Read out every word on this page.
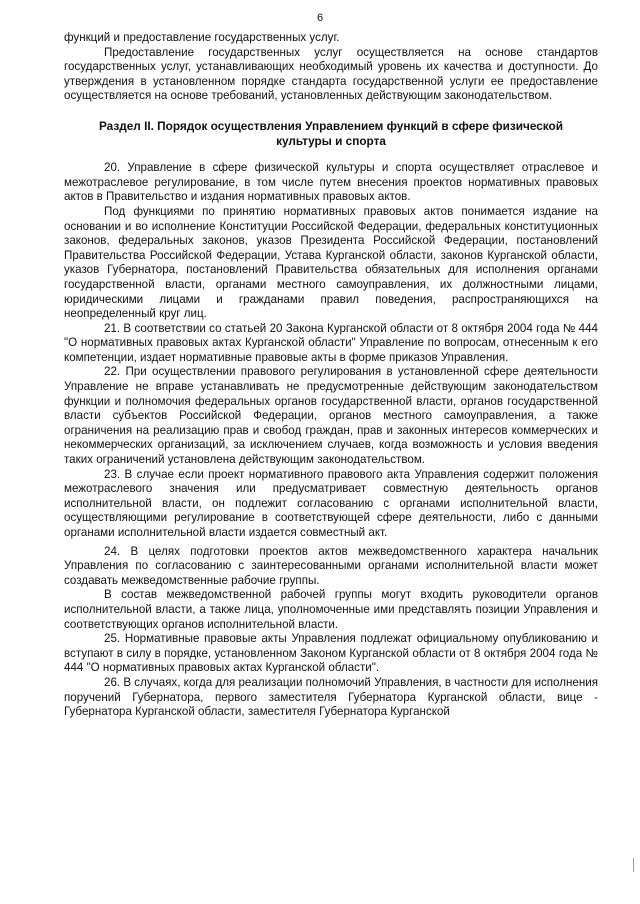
6

функций и предоставление государственных услуг.

Предоставление государственных услуг осуществляется на основе стандартов государственных услуг, устанавливающих необходимый уровень их качества и доступности. До утверждения в установленном порядке стандарта государственной услуги ее предоставление осуществляется на основе требований, установленных действующим законодательством.

Раздел II. Порядок осуществления Управлением функций в сфере физической
культуры и спорта

20. Управление в сфере физической культуры и спорта осуществляет отраслевое и межотраслевое регулирование, в том числе путем внесения проектов нормативных правовых актов в Правительство и издания нормативных правовых актов.

Под функциями по принятию нормативных правовых актов понимается издание на основании и во исполнение Конституции Российской Федерации, федеральных конституционных законов, федеральных законов, указов Президента Российской Федерации, постановлений Правительства Российской Федерации, Устава Курганской области, законов Курганской области, указов Губернатора, постановлений Правительства обязательных для исполнения органами государственной власти, органами местного самоуправления, их должностными лицами, юридическими лицами и гражданами правил поведения, распространяющихся на неопределенный круг лиц.

21. В соответствии со статьей 20 Закона Курганской области от 8 октября 2004 года № 444 "О нормативных правовых актах Курганской области" Управление по вопросам, отнесенным к его компетенции, издает нормативные правовые акты в форме приказов Управления.

22. При осуществлении правового регулирования в установленной сфере деятельности Управление не вправе устанавливать не предусмотренные действующим законодательством функции и полномочия федеральных органов государственной власти, органов государственной власти субъектов Российской Федерации, органов местного самоуправления, а также ограничения на реализацию прав и свобод граждан, прав и законных интересов коммерческих и некоммерческих организаций, за исключением случаев, когда возможность и условия введения таких ограничений установлена действующим законодательством.

23. В случае если проект нормативного правового акта Управления содержит положения межотраслевого значения или предусматривает совместную деятельность органов исполнительной власти, он подлежит согласованию с органами исполнительной власти, осуществляющими регулирование в соответствующей сфере деятельности, либо с данными органами исполнительной власти издается совместный акт.

24. В целях подготовки проектов актов межведомственного характера начальник Управления по согласованию с заинтересованными органами исполнительной власти может создавать межведомственные рабочие группы.

В состав межведомственной рабочей группы могут входить руководители органов исполнительной власти, а также лица, уполномоченные ими представлять позиции Управления и соответствующих органов исполнительной власти.

25. Нормативные правовые акты Управления подлежат официальному опубликованию и вступают в силу в порядке, установленном Законом Курганской области от 8 октября 2004 года № 444 "О нормативных правовых актах Курганской области".

26. В случаях, когда для реализации полномочий Управления, в частности для исполнения поручений Губернатора, первого заместителя Губернатора Курганской области, вице - Губернатора Курганской области, заместителя Губернатора Курганской
